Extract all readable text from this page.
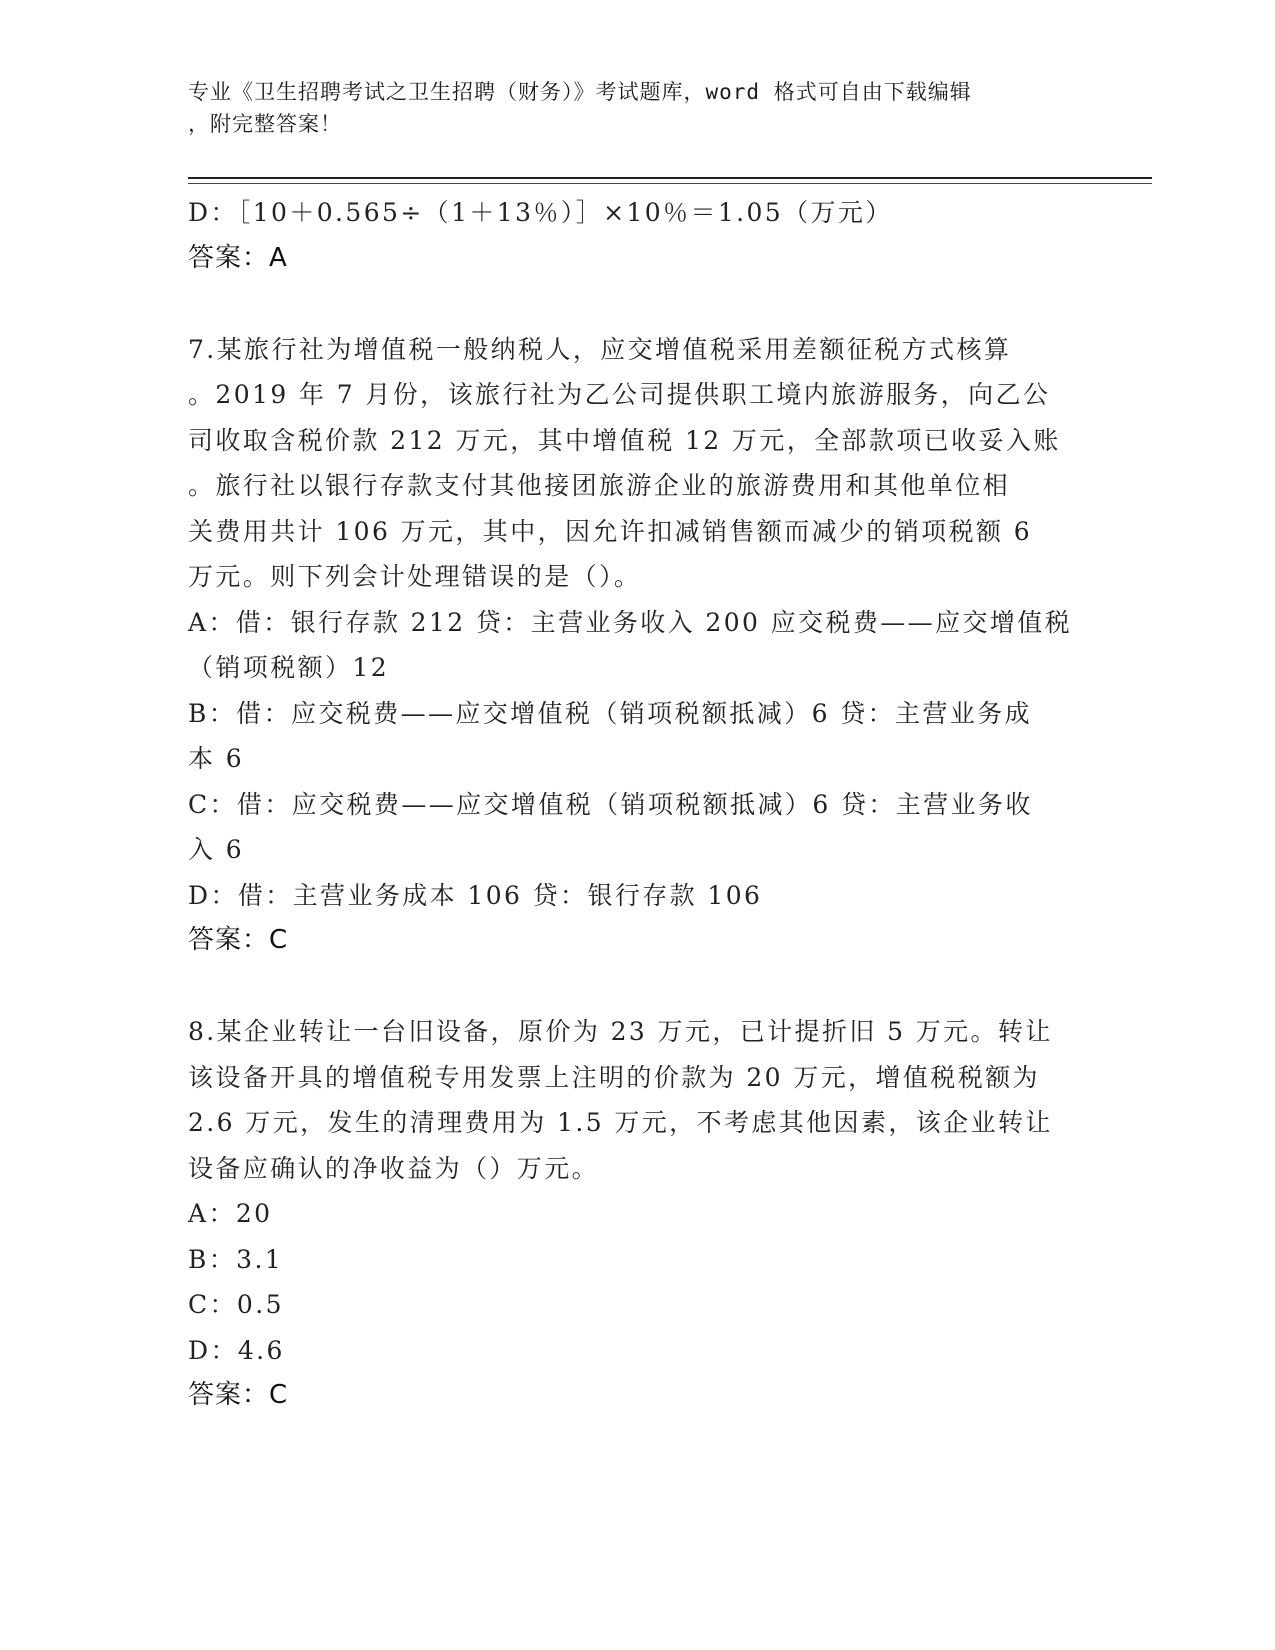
专业《卫生招聘考试之卫生招聘（财务）》考试题库，word 格式可自由下载编辑
，附完整答案！
D：［10＋0.565÷（1＋13％）］×10％＝1.05（万元）
答案：A
7.某旅行社为增值税一般纳税人，应交增值税采用差额征税方式核算
。2019 年 7 月份，该旅行社为乙公司提供职工境内旅游服务，向乙公
司收取含税价款 212 万元，其中增值税 12 万元，全部款项已收妥入账
。旅行社以银行存款支付其他接团旅游企业的旅游费用和其他单位相
关费用共计 106 万元，其中，因允许扣减销售额而减少的销项税额 6
万元。则下列会计处理错误的是（）。
A：借：银行存款 212 贷：主营业务收入 200 应交税费——应交增值税
（销项税额）12
B：借：应交税费——应交增值税（销项税额抵减）6 贷：主营业务成
本 6
C：借：应交税费——应交增值税（销项税额抵减）6 贷：主营业务收
入 6
D：借：主营业务成本 106 贷：银行存款 106
答案：C
8.某企业转让一台旧设备，原价为 23 万元，已计提折旧 5 万元。转让
该设备开具的增值税专用发票上注明的价款为 20 万元，增值税税额为
2.6 万元，发生的清理费用为 1.5 万元，不考虑其他因素，该企业转让
设备应确认的净收益为（）万元。
A：20
B：3.1
C：0.5
D：4.6
答案：C
